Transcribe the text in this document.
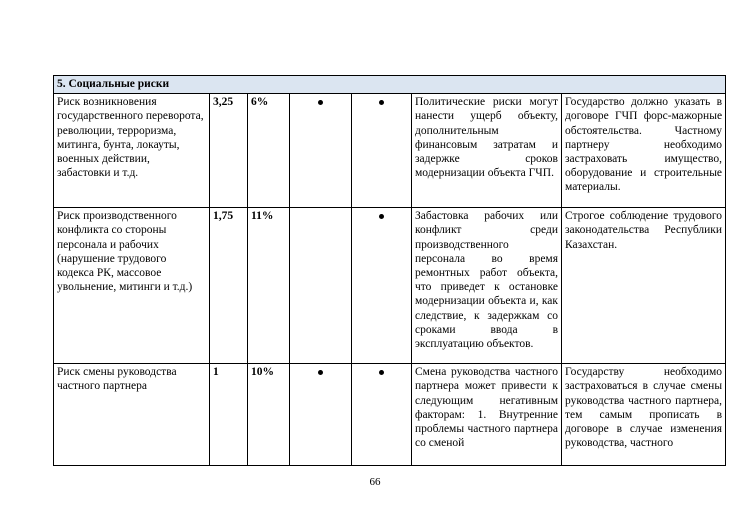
5. Социальные риски						
Риск возникновения государственного переворота, революции, терроризма, митинга, бунта, локауты, военных действии, забастовки и т.д.	3,25	6%			Политические риски могут нанести ущерб объекту, дополнительным финансовым затратам и задержке сроков модернизации объекта ГЧП.	Государство должно указать в договоре ГЧП форс-мажорные обстоятельства. Частному партнеру необходимо застраховать имущество, оборудование и строительные материалы.
Риск производственного конфликта со стороны персонала и рабочих (нарушение трудового кодекса РК, массовое увольнение, митинги и т.д.)	1,75	11%			Забастовка рабочих или конфликт среди производственного персонала во время ремонтных работ объекта, что приведет к остановке модернизации объекта и, как следствие, к задержкам со сроками ввода в эксплуатацию объектов.	Строгое соблюдение трудового законодательства Республики Казахстан.
Риск смены руководства частного партнера	1	10%			Смена руководства частного партнера может привести к следующим негативным факторам: 1. Внутренние проблемы частного партнера со сменой	Государству необходимо застраховаться в случае смены руководства частного партнера, тем самым прописать в договоре в случае изменения руководства, частного
66
